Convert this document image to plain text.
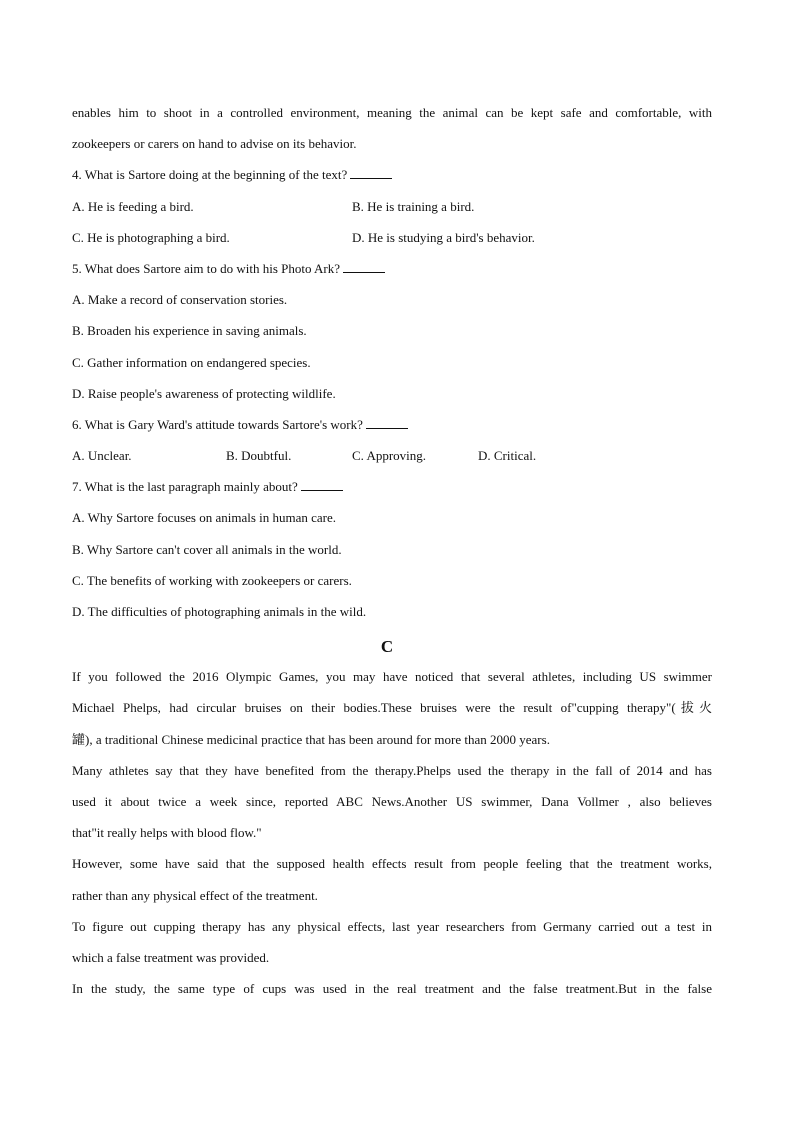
enables him to shoot in a controlled environment, meaning the animal can be kept safe and comfortable, with
zookeepers or carers on hand to advise on its behavior.
4. What is Sartore doing at the beginning of the text?
A. He is feeding a bird.	B. He is training a bird.
C. He is photographing a bird.	D. He is studying a bird's behavior.
5. What does Sartore aim to do with his Photo Ark?
A. Make a record of conservation stories.
B. Broaden his experience in saving animals.
C. Gather information on endangered species.
D. Raise people's awareness of protecting wildlife.
6. What is Gary Ward's attitude towards Sartore's work?
A. Unclear.	B. Doubtful.	C. Approving.	D. Critical.
7. What is the last paragraph mainly about?
A. Why Sartore focuses on animals in human care.
B. Why Sartore can't cover all animals in the world.
C. The benefits of working with zookeepers or carers.
D. The difficulties of photographing animals in the wild.
C
If you followed the 2016 Olympic Games, you may have noticed that several athletes, including US swimmer
Michael Phelps, had circular bruises on their bodies.These bruises were the result of"cupping therapy"(拔火
罐), a traditional Chinese medicinal practice that has been around for more than 2000 years.
Many athletes say that they have benefited from the therapy.Phelps used the therapy in the fall of 2014 and has
used it about twice a week since, reported ABC News.Another US swimmer, Dana Vollmer , also believes
that"it really helps with blood flow."
However, some have said that the supposed health effects result from people feeling that the treatment works,
rather than any physical effect of the treatment.
To figure out cupping therapy has any physical effects, last year researchers from Germany carried out a test in
which a false treatment was provided.
In the study, the same type of cups was used in the real treatment and the false treatment.But in the false
